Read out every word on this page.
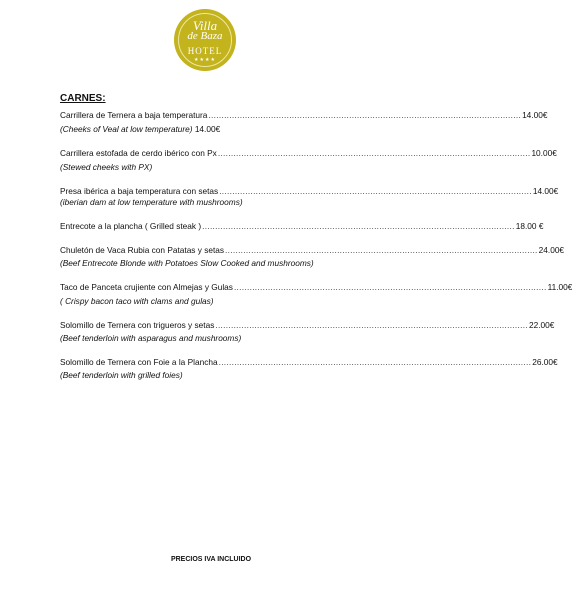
Villa
de Baza
HOTEL
★★★★
CARNES:
Carrillera de Ternera a baja temperatura ........................................................................................................................ 14.00€
(Cheeks of Veal at low temperature) 14.00€
Carrillera estofada de cerdo ibérico con Px ........................................................................................................................ 10.00€
(Stewed cheeks with PX)
Presa ibérica a baja temperatura con setas ........................................................................................................................ 14.00€
(iberian dam at low temperature with mushrooms)
Entrecote a la plancha ( Grilled steak ) ........................................................................................................................ 18.00 €
Chuletón de Vaca Rubia con Patatas y setas ........................................................................................................................ 24.00€
(Beef Entrecote Blonde with Potatoes Slow Cooked and mushrooms)
Taco de Panceta crujiente con Almejas y Gulas ........................................................................................................................ 11.00€
( Crispy bacon taco with clams and gulas)
Solomillo de Ternera con trigueros y setas ........................................................................................................................ 22.00€
(Beef tenderloin with asparagus and mushrooms)
Solomillo de Ternera con Foie a la Plancha ........................................................................................................................ 26.00€
(Beef tenderloin with grilled foies)
PRECIOS IVA INCLUIDO
